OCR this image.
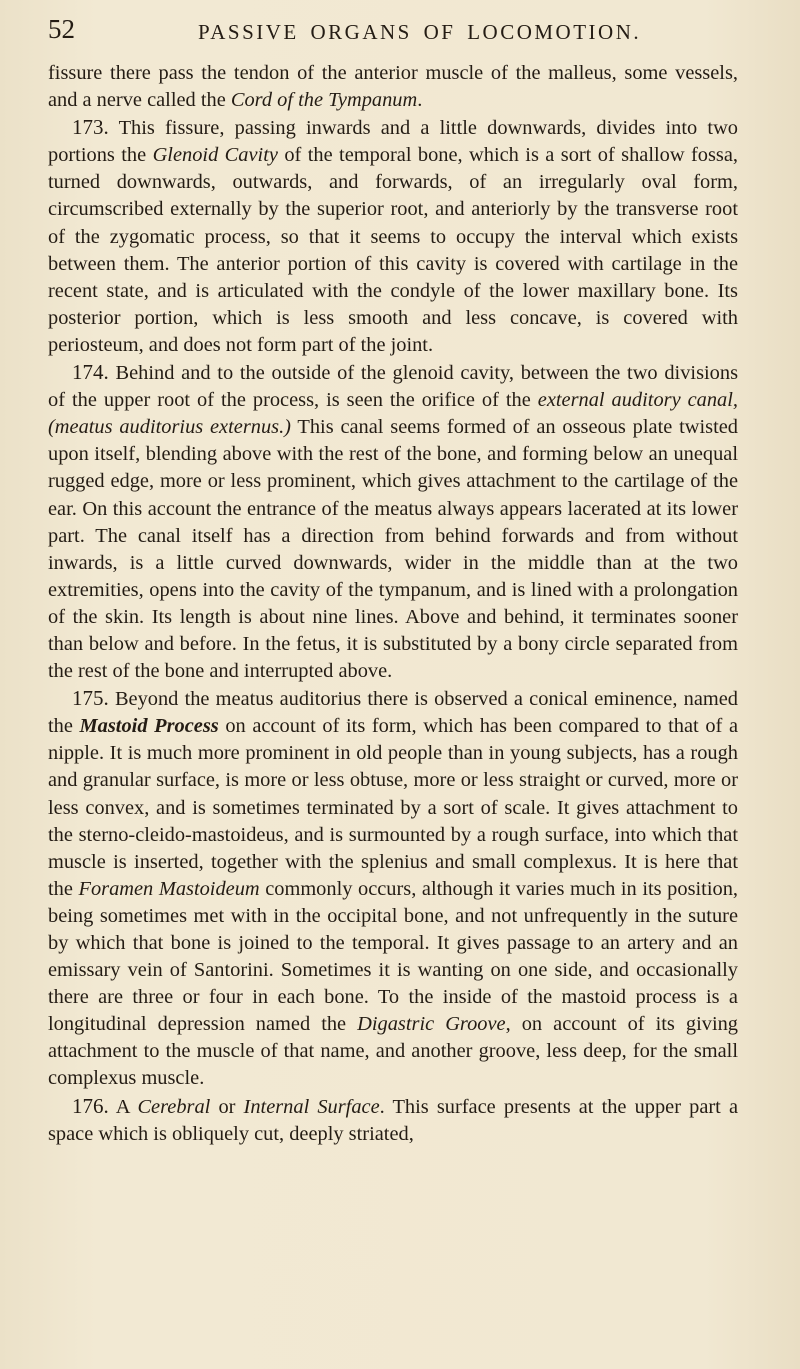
52	PASSIVE ORGANS OF LOCOMOTION.

fissure there pass the tendon of the anterior muscle of the malleus, some vessels, and a nerve called the Cord of the Tympanum.

173. This fissure, passing inwards and a little downwards, divides into two portions the Glenoid Cavity of the temporal bone, which is a sort of shallow fossa, turned downwards, outwards, and forwards, of an irregularly oval form, circumscribed externally by the superior root, and anteriorly by the transverse root of the zygomatic process, so that it seems to occupy the interval which exists between them. The anterior portion of this cavity is covered with cartilage in the recent state, and is articulated with the condyle of the lower maxillary bone. Its posterior portion, which is less smooth and less concave, is covered with periosteum, and does not form part of the joint.

174. Behind and to the outside of the glenoid cavity, between the two divisions of the upper root of the process, is seen the orifice of the external auditory canal, (meatus auditorius externus.) This canal seems formed of an osseous plate twisted upon itself, blending above with the rest of the bone, and forming below an unequal rugged edge, more or less prominent, which gives attachment to the cartilage of the ear. On this account the entrance of the meatus always appears lacerated at its lower part. The canal itself has a direction from behind forwards and from without inwards, is a little curved downwards, wider in the middle than at the two extremities, opens into the cavity of the tympanum, and is lined with a prolongation of the skin. Its length is about nine lines. Above and behind, it terminates sooner than below and before. In the fetus, it is substituted by a bony circle separated from the rest of the bone and interrupted above.

175. Beyond the meatus auditorius there is observed a conical eminence, named the Mastoid Process on account of its form, which has been compared to that of a nipple. It is much more prominent in old people than in young subjects, has a rough and granular surface, is more or less obtuse, more or less straight or curved, more or less convex, and is sometimes terminated by a sort of scale. It gives attachment to the sterno-cleido-mastoideus, and is surmounted by a rough surface, into which that muscle is inserted, together with the splenius and small complexus. It is here that the Foramen Mastoideum commonly occurs, although it varies much in its position, being sometimes met with in the occipital bone, and not unfrequently in the suture by which that bone is joined to the temporal. It gives passage to an artery and an emissary vein of Santorini. Sometimes it is wanting on one side, and occasionally there are three or four in each bone. To the inside of the mastoid process is a longitudinal depression named the Digastric Groove, on account of its giving attachment to the muscle of that name, and another groove, less deep, for the small complexus muscle.

176. A Cerebral or Internal Surface. This surface presents at the upper part a space which is obliquely cut, deeply striated,
